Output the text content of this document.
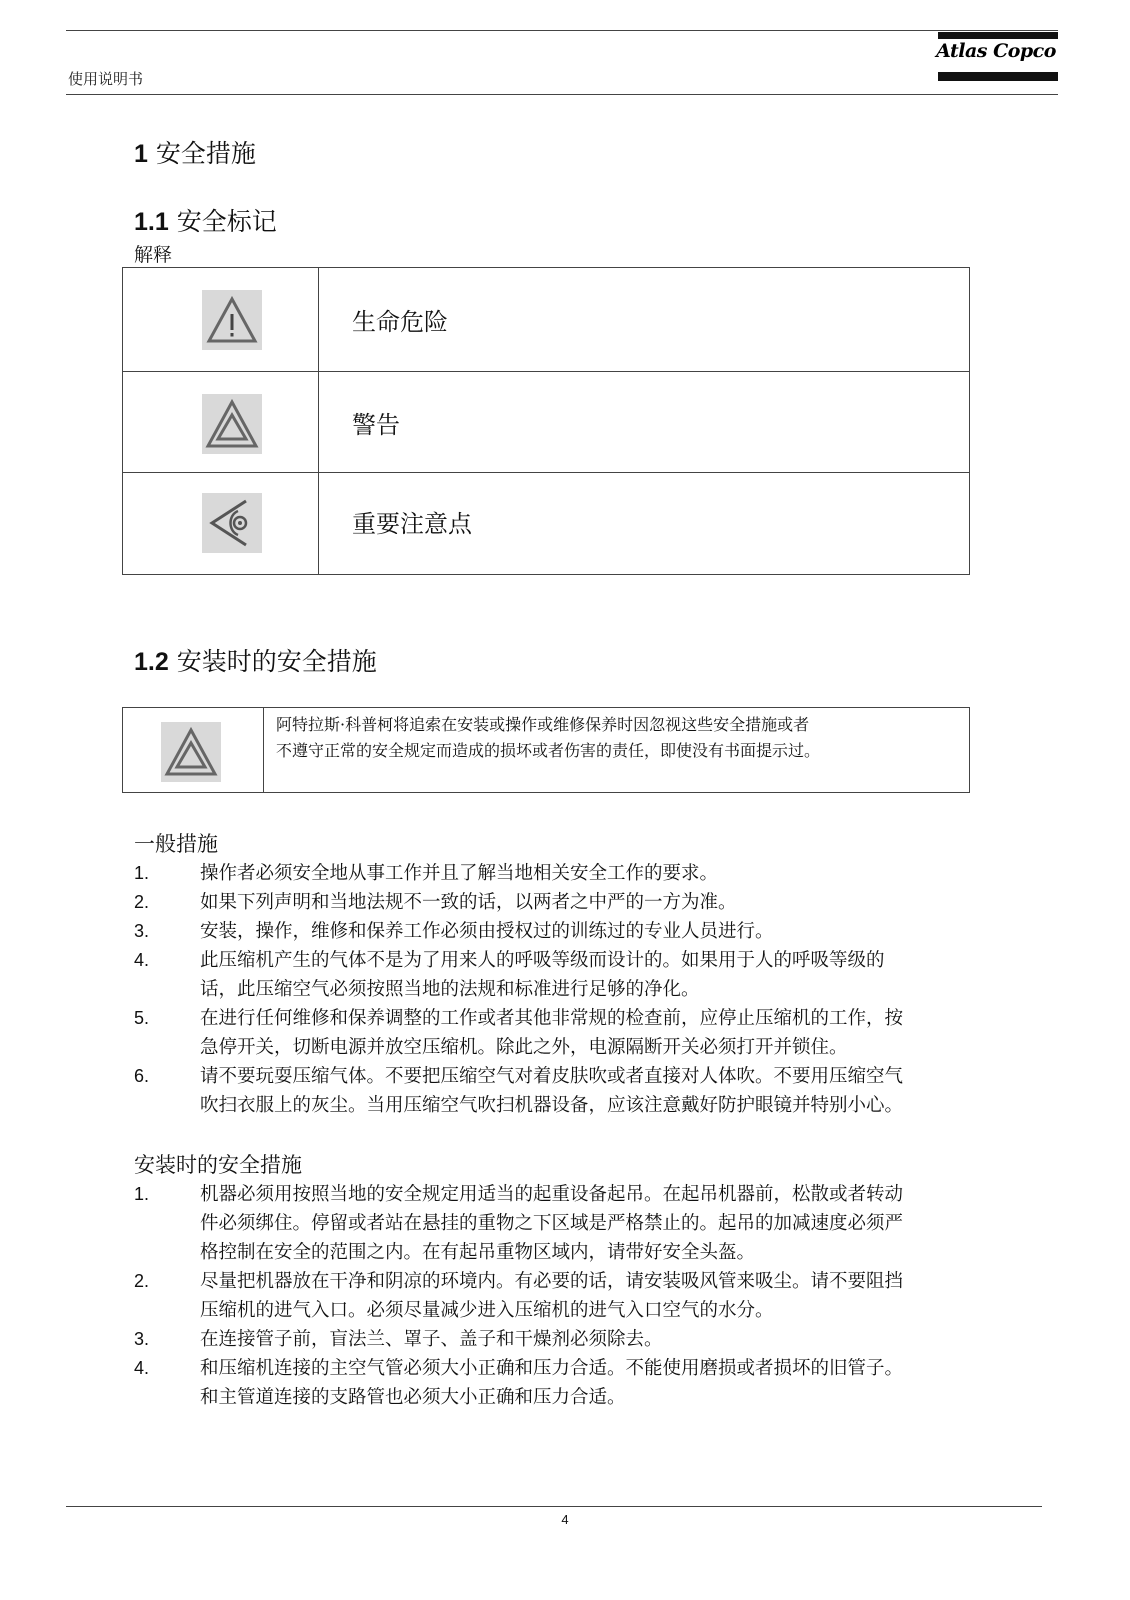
使用说明书
Atlas Copco
1 安全措施
1.1 安全标记
解释
生命危险
警告
重要注意点
1.2 安装时的安全措施
阿特拉斯·科普柯将追索在安装或操作或维修保养时因忽视这些安全措施或者
不遵守正常的安全规定而造成的损坏或者伤害的责任，即使没有书面提示过。
一般措施
1.	操作者必须安全地从事工作并且了解当地相关安全工作的要求。
2.	如果下列声明和当地法规不一致的话，以两者之中严的一方为准。
3.	安装，操作，维修和保养工作必须由授权过的训练过的专业人员进行。
4.	此压缩机产生的气体不是为了用来人的呼吸等级而设计的。如果用于人的呼吸等级的
话，此压缩空气必须按照当地的法规和标准进行足够的净化。
5.	在进行任何维修和保养调整的工作或者其他非常规的检查前，应停止压缩机的工作，按
急停开关，切断电源并放空压缩机。除此之外，电源隔断开关必须打开并锁住。
6.	请不要玩耍压缩气体。不要把压缩空气对着皮肤吹或者直接对人体吹。不要用压缩空气
吹扫衣服上的灰尘。当用压缩空气吹扫机器设备，应该注意戴好防护眼镜并特别小心。
安装时的安全措施
1.	机器必须用按照当地的安全规定用适当的起重设备起吊。在起吊机器前，松散或者转动
件必须绑住。停留或者站在悬挂的重物之下区域是严格禁止的。起吊的加减速度必须严
格控制在安全的范围之内。在有起吊重物区域内，请带好安全头盔。
2.	尽量把机器放在干净和阴凉的环境内。有必要的话，请安装吸风管来吸尘。请不要阻挡
压缩机的进气入口。必须尽量减少进入压缩机的进气入口空气的水分。
3.	在连接管子前，盲法兰、罩子、盖子和干燥剂必须除去。
4.	和压缩机连接的主空气管必须大小正确和压力合适。不能使用磨损或者损坏的旧管子。
和主管道连接的支路管也必须大小正确和压力合适。
4
